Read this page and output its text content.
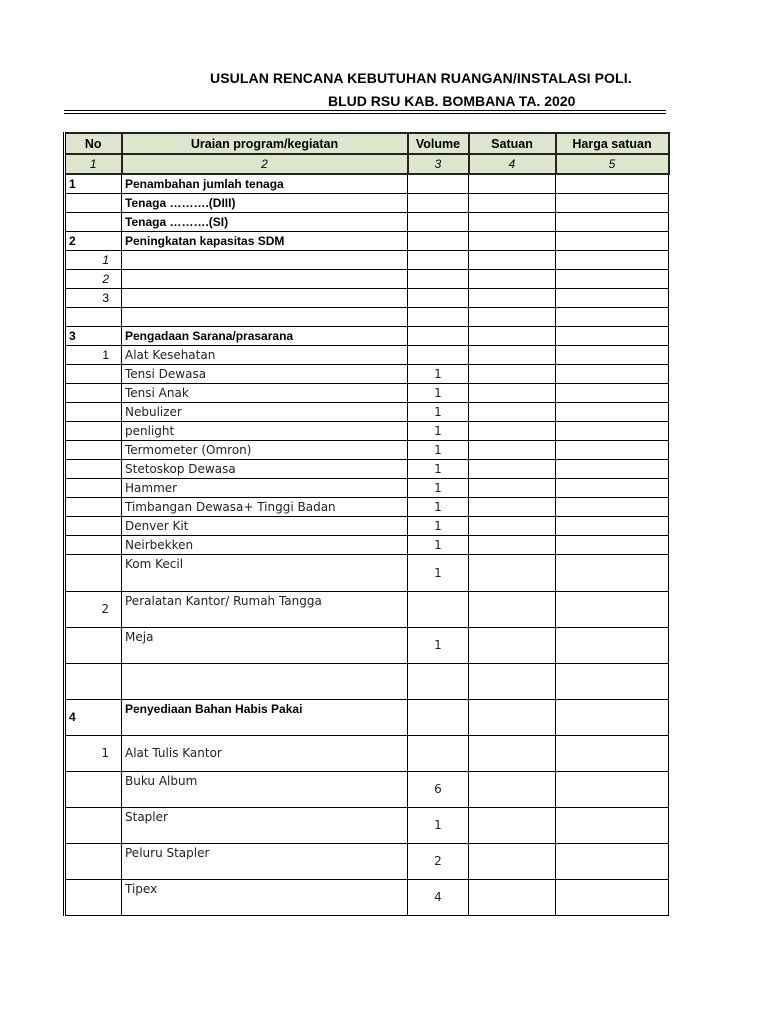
USULAN RENCANA KEBUTUHAN RUANGAN/INSTALASI POLI.
BLUD RSU KAB. BOMBANA TA. 2020
No	Uraian program/kegiatan	Volume	Satuan	Harga satuan
1	2	3	4	5
1	Penambahan jumlah tenaga			
	Tenaga ……….(DIII)			
	Tenaga ……….(SI)			
2	Peningkatan kapasitas SDM			
1				
2				
3				

3	Pengadaan Sarana/prasarana			
1	Alat Kesehatan			
	Tensi Dewasa	1		
	Tensi Anak	1		
	Nebulizer	1		
	penlight	1		
	Termometer (Omron)	1		
	Stetoskop Dewasa	1		
	Hammer	1		
	Timbangan Dewasa+ Tinggi Badan	1		
	Denver Kit	1		
	Neirbekken	1		
	Kom Kecil	1		
2	Peralatan Kantor/ Rumah Tangga			
	Meja	1		

4	Penyediaan Bahan Habis Pakai			
1	Alat Tulis Kantor			
	Buku Album	6		
	Stapler	1		
	Peluru Stapler	2		
	Tipex	4		
